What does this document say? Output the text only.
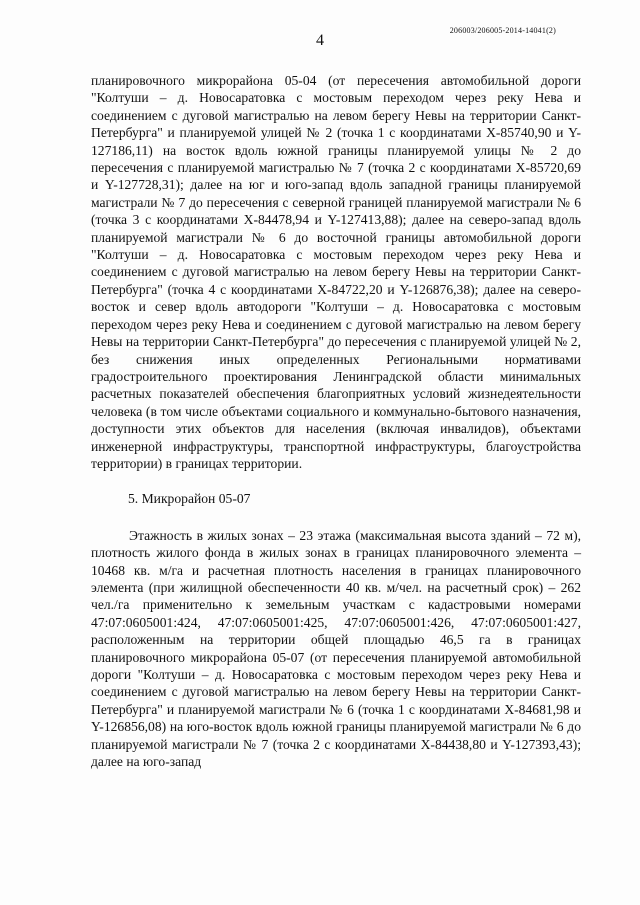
206003/206005-2014-14041(2)
4

планировочного микрорайона 05-04 (от пересечения автомобильной дороги "Колтуши – д. Новосаратовка с мостовым переходом через реку Нева и соединением с дуговой магистралью на левом берегу Невы на территории Санкт-Петербурга" и планируемой улицей № 2 (точка 1 с координатами X-85740,90 и Y-127186,11) на восток вдоль южной границы планируемой улицы № 2 до пересечения с планируемой магистралью № 7 (точка 2 с координатами X-85720,69 и Y-127728,31); далее на юг и юго-запад вдоль западной границы планируемой магистрали № 7 до пересечения с северной границей планируемой магистрали № 6 (точка 3 с координатами X-84478,94 и Y-127413,88); далее на северо-запад вдоль планируемой магистрали № 6 до восточной границы автомобильной дороги "Колтуши – д. Новосаратовка с мостовым переходом через реку Нева и соединением с дуговой магистралью на левом берегу Невы на территории Санкт-Петербурга" (точка 4 с координатами X-84722,20 и Y-126876,38); далее на северо-восток и север вдоль автодороги "Колтуши – д. Новосаратовка с мостовым переходом через реку Нева и соединением с дуговой магистралью на левом берегу Невы на территории Санкт-Петербурга" до пересечения с планируемой улицей № 2, без снижения иных определенных Региональными нормативами градостроительного проектирования Ленинградской области минимальных расчетных показателей обеспечения благоприятных условий жизнедеятельности человека (в том числе объектами социального и коммунально-бытового назначения, доступности этих объектов для населения (включая инвалидов), объектами инженерной инфраструктуры, транспортной инфраструктуры, благоустройства территории) в границах территории.

5. Микрорайон 05-07

Этажность в жилых зонах – 23 этажа (максимальная высота зданий – 72 м), плотность жилого фонда в жилых зонах в границах планировочного элемента – 10468 кв. м/га и расчетная плотность населения в границах планировочного элемента (при жилищной обеспеченности 40 кв. м/чел. на расчетный срок) – 262 чел./га применительно к земельным участкам с кадастровыми номерами 47:07:0605001:424, 47:07:0605001:425, 47:07:0605001:426, 47:07:0605001:427, расположенным на территории общей площадью 46,5 га в границах планировочного микрорайона 05-07 (от пересечения планируемой автомобильной дороги "Колтуши – д. Новосаратовка с мостовым переходом через реку Нева и соединением с дуговой магистралью на левом берегу Невы на территории Санкт-Петербурга" и планируемой магистрали № 6 (точка 1 с координатами X-84681,98 и Y-126856,08) на юго-восток вдоль южной границы планируемой магистрали № 6 до планируемой магистрали № 7 (точка 2 с координатами X-84438,80 и Y-127393,43); далее на юго-запад
